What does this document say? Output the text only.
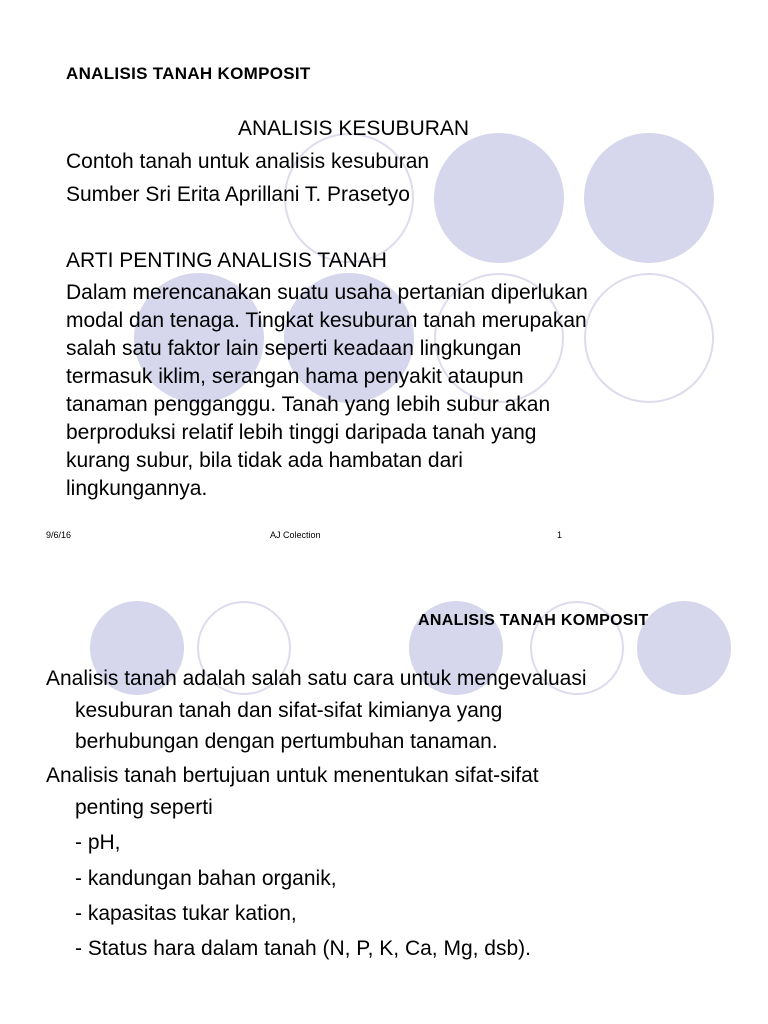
ANALISIS TANAH KOMPOSIT
ANALISIS KESUBURAN
Contoh tanah untuk analisis kesuburan
Sumber Sri Erita Aprillani T. Prasetyo
ARTI PENTING ANALISIS TANAH
Dalam merencanakan suatu usaha pertanian diperlukan
modal dan tenaga. Tingkat kesuburan tanah merupakan
salah satu faktor lain seperti keadaan lingkungan
termasuk iklim, serangan hama penyakit ataupun
tanaman pengganggu. Tanah yang lebih subur akan
berproduksi relatif lebih tinggi daripada tanah yang
kurang subur, bila tidak ada hambatan dari
lingkungannya.
9/6/16	AJ Colection	1
ANALISIS TANAH KOMPOSIT
Analisis tanah adalah salah satu cara untuk mengevaluasi
kesuburan tanah dan sifat-sifat kimianya yang
berhubungan dengan pertumbuhan tanaman.
Analisis tanah bertujuan untuk menentukan sifat-sifat
penting seperti
- pH,
- kandungan bahan organik,
- kapasitas tukar kation,
- Status hara dalam tanah (N, P, K, Ca, Mg, dsb).
